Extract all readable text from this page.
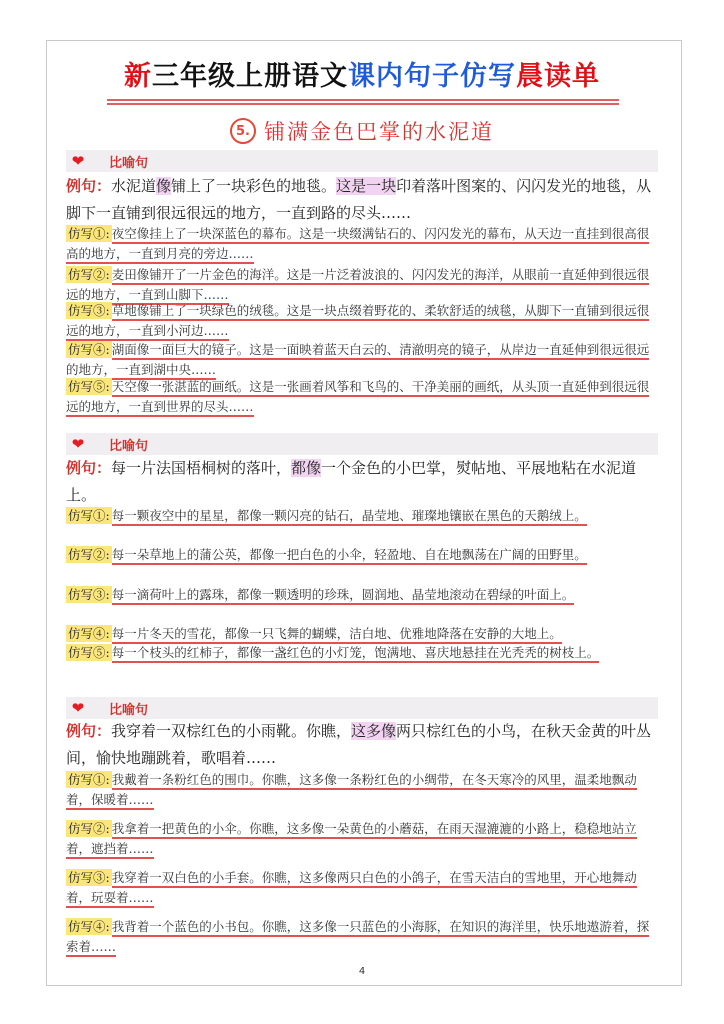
新三年级上册语文课内句子仿写晨读单
5. 铺满金色巴掌的水泥道
❤ 比喻句

例句：水泥道像铺上了一块彩色的地毯。这是一块印着落叶图案的、闪闪发光的地毯，从脚下一直铺到很远很远的地方，一直到路的尽头……

仿写①: 夜空像挂上了一块深蓝色的幕布。这是一块缀满钻石的、闪闪发光的幕布，从天边一直挂到很高很高的地方，一直到月亮的旁边……

仿写②: 麦田像铺开了一片金色的海洋。这是一片泛着波浪的、闪闪发光的海洋，从眼前一直延伸到很远很远的地方，一直到山脚下……

仿写③: 草地像铺上了一块绿色的绒毯。这是一块点缀着野花的、柔软舒适的绒毯，从脚下一直铺到很远很远的地方，一直到小河边……

仿写④: 湖面像一面巨大的镜子。这是一面映着蓝天白云的、清澈明亮的镜子，从岸边一直延伸到很远很远的地方，一直到湖中央……

仿写⑤: 天空像一张湛蓝的画纸。这是一张画着风筝和飞鸟的、干净美丽的画纸，从头顶一直延伸到很远很远的地方，一直到世界的尽头……

❤ 比喻句

例句：每一片法国梧桐树的落叶，都像一个金色的小巴掌，熨帖地、平展地粘在水泥道上。

仿写①: 每一颗夜空中的星星，都像一颗闪亮的钻石，晶莹地、璀璨地镶嵌在黑色的天鹅绒上。

仿写②: 每一朵草地上的蒲公英，都像一把白色的小伞，轻盈地、自在地飘荡在广阔的田野里。

仿写③: 每一滴荷叶上的露珠，都像一颗透明的珍珠，圆润地、晶莹地滚动在碧绿的叶面上。

仿写④: 每一片冬天的雪花，都像一只飞舞的蝴蝶，洁白地、优雅地降落在安静的大地上。

仿写⑤: 每一个枝头的红柿子，都像一盏红色的小灯笼，饱满地、喜庆地悬挂在光秃秃的树枝上。

❤ 比喻句

例句：我穿着一双棕红色的小雨靴。你瞧，这多像两只棕红色的小鸟，在秋天金黄的叶丛间，愉快地蹦跳着，歌唱着……

仿写①: 我戴着一条粉红色的围巾。你瞧，这多像一条粉红色的小绸带，在冬天寒冷的风里，温柔地飘动着，保暖着……

仿写②: 我拿着一把黄色的小伞。你瞧，这多像一朵黄色的小蘑菇，在雨天湿漉漉的小路上，稳稳地站立着，遮挡着……

仿写③: 我穿着一双白色的小手套。你瞧，这多像两只白色的小鸽子，在雪天洁白的雪地里，开心地舞动着，玩耍着……

仿写④: 我背着一个蓝色的小书包。你瞧，这多像一只蓝色的小海豚，在知识的海洋里，快乐地遨游着，探索着……

4
